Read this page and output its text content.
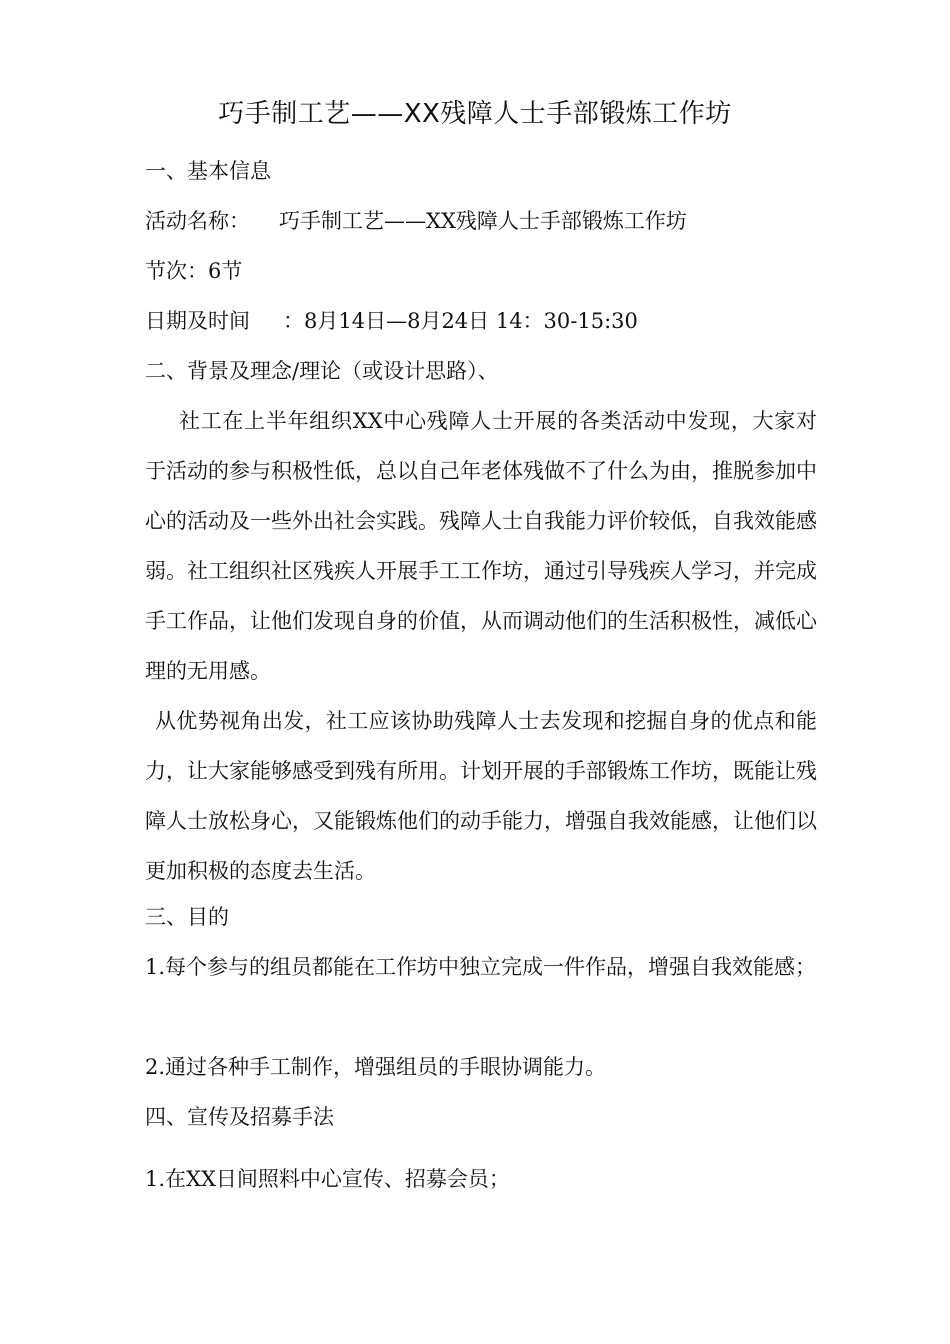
巧手制工艺——XX残障人士手部锻炼工作坊
一、基本信息
活动名称： 巧手制工艺——XX残障人士手部锻炼工作坊
节次：6节
日期及时间 ：8月14日—8月24日 14：30-15:30
二、背景及理念/理论（或设计思路）、
社工在上半年组织XX中心残障人士开展的各类活动中发现，大家对于活动的参与积极性低，总以自己年老体残做不了什么为由，推脱参加中心的活动及一些外出社会实践。残障人士自我能力评价较低，自我效能感弱。社工组织社区残疾人开展手工工作坊，通过引导残疾人学习，并完成手工作品，让他们发现自身的价值，从而调动他们的生活积极性，减低心理的无用感。
从优势视角出发，社工应该协助残障人士去发现和挖掘自身的优点和能力，让大家能够感受到残有所用。计划开展的手部锻炼工作坊，既能让残障人士放松身心，又能锻炼他们的动手能力，增强自我效能感，让他们以更加积极的态度去生活。
三、目的
1.每个参与的组员都能在工作坊中独立完成一件作品，增强自我效能感；
2.通过各种手工制作，增强组员的手眼协调能力。
四、宣传及招募手法
1.在XX日间照料中心宣传、招募会员；
